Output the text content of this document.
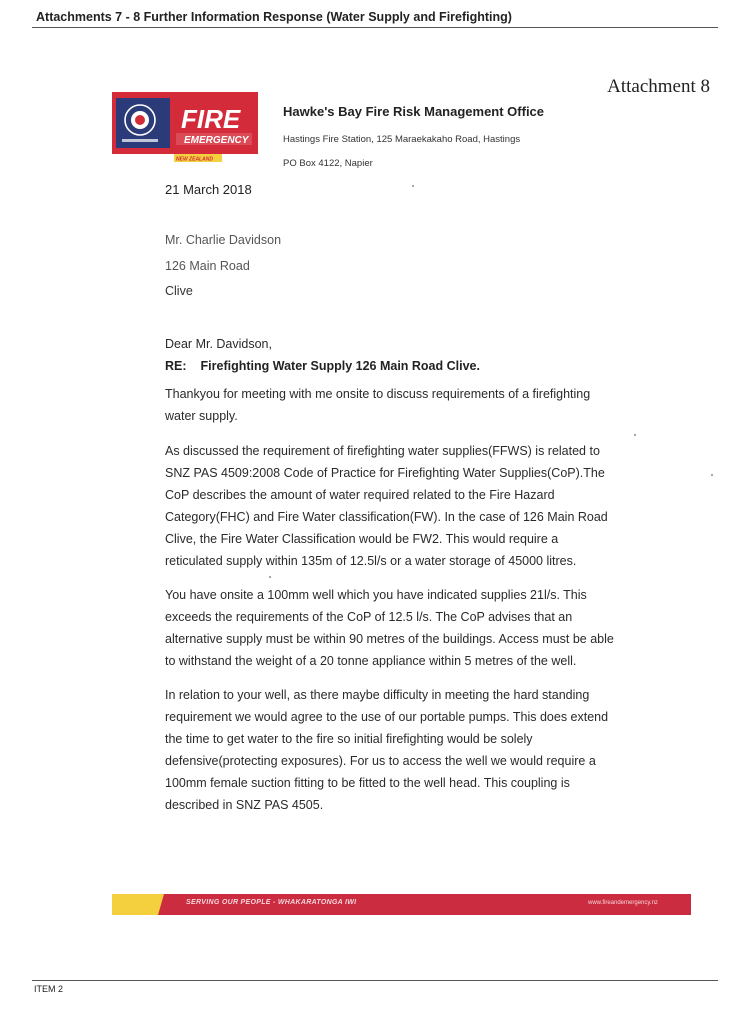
Attachments 7 - 8 Further Information Response (Water Supply and Firefighting)
Attachment 8
FIRE
EMERGENCY
NEW ZEALAND
Hawke's Bay Fire Risk Management Office
Hastings Fire Station, 125 Maraekakaho Road, Hastings
PO Box 4122, Napier
21 March 2018
Mr. Charlie Davidson
126 Main Road
Clive
Dear Mr. Davidson,
RE: Firefighting Water Supply 126 Main Road Clive.
Thankyou for meeting with me onsite to discuss requirements of a firefighting
water supply.
As discussed the requirement of firefighting water supplies(FFWS) is related to
SNZ PAS 4509:2008 Code of Practice for Firefighting Water Supplies(CoP).The
CoP describes the amount of water required related to the Fire Hazard
Category(FHC) and Fire Water classification(FW). In the case of 126 Main Road
Clive, the Fire Water Classification would be FW2. This would require a
reticulated supply within 135m of 12.5l/s or a water storage of 45000 litres.
You have onsite a 100mm well which you have indicated supplies 21l/s. This
exceeds the requirements of the CoP of 12.5 l/s. The CoP advises that an
alternative supply must be within 90 metres of the buildings. Access must be able
to withstand the weight of a 20 tonne appliance within 5 metres of the well.
In relation to your well, as there maybe difficulty in meeting the hard standing
requirement we would agree to the use of our portable pumps. This does extend
the time to get water to the fire so initial firefighting would be solely
defensive(protecting exposures). For us to access the well we would require a
100mm female suction fitting to be fitted to the well head. This coupling is
described in SNZ PAS 4505.
SERVING OUR PEOPLE - WHAKARATONGA IWI	www.fireandemergency.nz
ITEM 2
